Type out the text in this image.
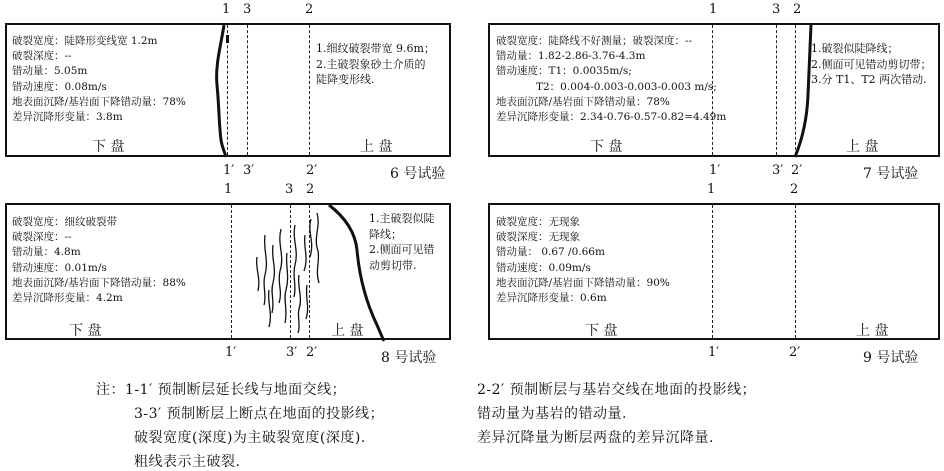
1 3	2
破裂宽度：陡降形变线宽 1.2m
破裂深度：--
错动量：5.05m
错动速度：0.08m/s
地表面沉降/基岩面下降错动量：78%
差异沉降形变量：3.8m
1.细纹破裂带宽 9.6m；
2.主破裂象砂土介质的
陡降变形线.
下 盘	上 盘
1′ 3′	2′	6 号试验
1	3 2
破裂宽度：陡降线不好测量；破裂深度：--
错动量：1.82-2.86-3.76-4.3m
错动速度：T1：0.0035m/s;
T2：0.004-0.003-0.003-0.003 m/s;
地表面沉降/基岩面下降错动量：78%
差异沉降形变量：2.34-0.76-0.57-0.82=4.49m
1.破裂似陡降线；
2.侧面可见错动剪切带；
3.分 T1、T2 两次错动.
下 盘	上 盘
1′	3′ 2′	7 号试验
1	3 2
破裂宽度：细纹破裂带
破裂深度：--
错动量：4.8m
错动速度：0.01m/s
地表面沉降/基岩面下降错动量：88%
差异沉降形变量：4.2m
1.主破裂似陡
降线；
2.侧面可见错
动剪切带.
下 盘	上 盘
1′	3′ 2′	8 号试验
1	2
破裂宽度：无现象
破裂深度：无现象
错动量： 0.67 /0.66m
错动速度：0.09m/s
地表面沉降/基岩面下降错动量：90%
差异沉降形变量：0.6m
下 盘	上 盘
1′	2′	9 号试验
注：1-1′ 预制断层延长线与地面交线；
3-3′ 预制断层上断点在地面的投影线；
破裂宽度(深度)为主破裂宽度(深度).
粗线表示主破裂.
2-2′ 预制断层与基岩交线在地面的投影线；
错动量为基岩的错动量.
差异沉降量为断层两盘的差异沉降量.
